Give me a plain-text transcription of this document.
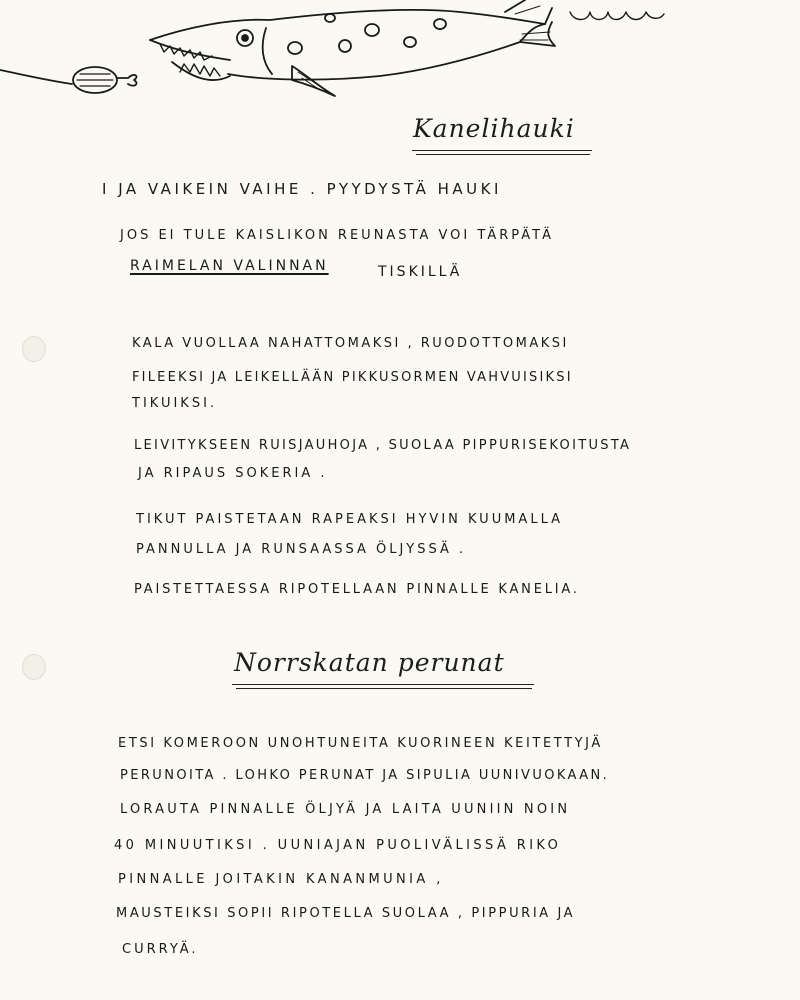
Kanelihauki
I JA VAIKEIN VAIHE . PYYDYSTÄ HAUKI
JOS EI TULE KAISLIKON REUNASTA VOI TÄRPÄTÄ
RAIMELAN VALINNAN	TISKILLÄ
KALA VUOLLAA NAHATTOMAKSI , RUODOTTOMAKSI
FILEEKSI JA LEIKELLÄÄN PIKKUSORMEN VAHVUISIKSI
TIKUIKSI.
LEIVITYKSEEN RUISJAUHOJA , SUOLAA PIPPURISEKOITUSTA
JA RIPAUS SOKERIA .
TIKUT PAISTETAAN RAPEAKSI HYVIN KUUMALLA
PANNULLA JA RUNSAASSA ÖLJYSSÄ .
PAISTETTAESSA RIPOTELLAAN PINNALLE KANELIA.
Norrskatan perunat
ETSI KOMEROON UNOHTUNEITA KUORINEEN KEITETTYJÄ
PERUNOITA . LOHKO PERUNAT JA SIPULIA UUNIVUOKAAN.
LORAUTA PINNALLE ÖLJYÄ JA LAITA UUNIIN NOIN
40 MINUUTIKSI . UUNIAJAN PUOLIVÄLISSÄ RIKO
PINNALLE JOITAKIN KANANMUNIA ,
MAUSTEIKSI SOPII RIPOTELLA SUOLAA , PIPPURIA JA
CURRYÄ.
